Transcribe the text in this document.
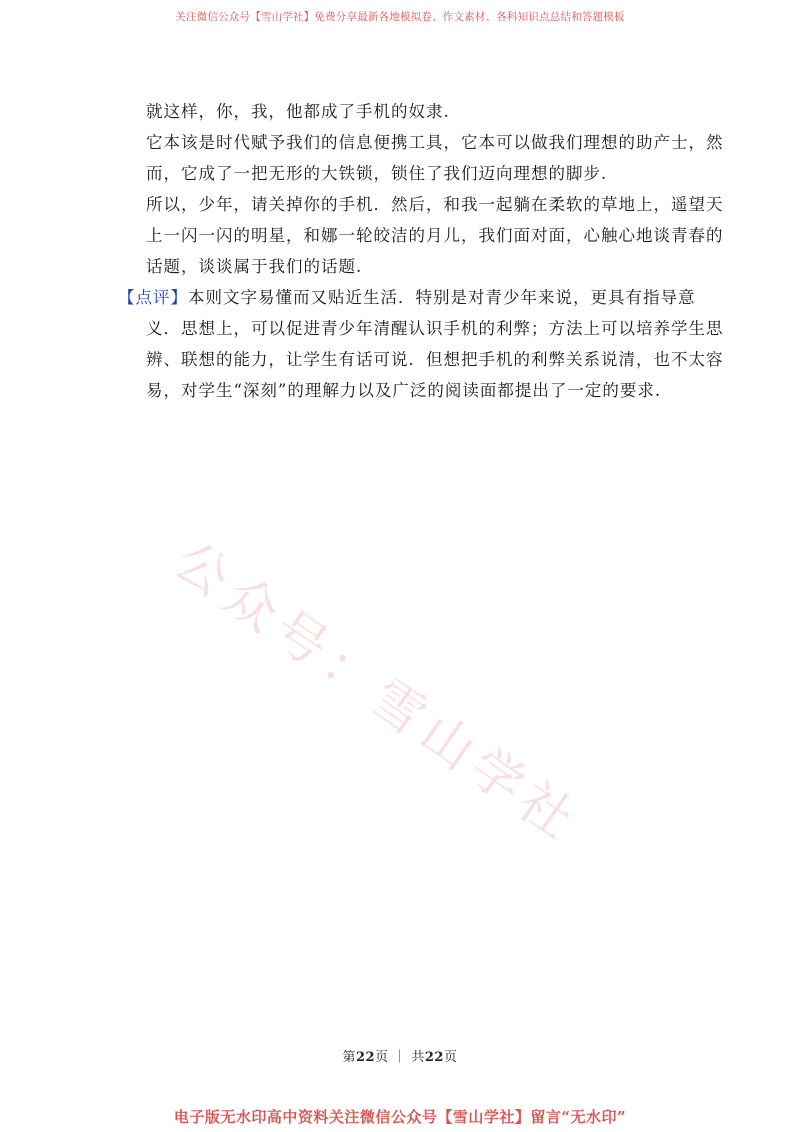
关注微信公众号【雪山学社】免费分享最新各地模拟卷、作文素材、各科知识点总结和答题模板
就这样，你，我，他都成了手机的奴隶.
它本该是时代赋予我们的信息便携工具，它本可以做我们理想的助产士，然
而，它成了一把无形的大铁锁，锁住了我们迈向理想的脚步.
所以，少年，请关掉你的手机．然后，和我一起躺在柔软的草地上，遥望天
上一闪一闪的明星，和娜一轮皎洁的月儿，我们面对面，心触心地谈青春的
话题，谈谈属于我们的话题.
【点评】本则文字易懂而又贴近生活．特别是对青少年来说，更具有指导意
义．思想上，可以促进青少年清醒认识手机的利弊；方法上可以培养学生思
辨、联想的能力，让学生有话可说．但想把手机的利弊关系说清，也不太容
易，对学生“深刻”的理解力以及广泛的阅读面都提出了一定的要求.
公众号：雪山学社
第22页 ｜ 共22页
电子版无水印高中资料关注微信公众号【雪山学社】留言“无水印”
